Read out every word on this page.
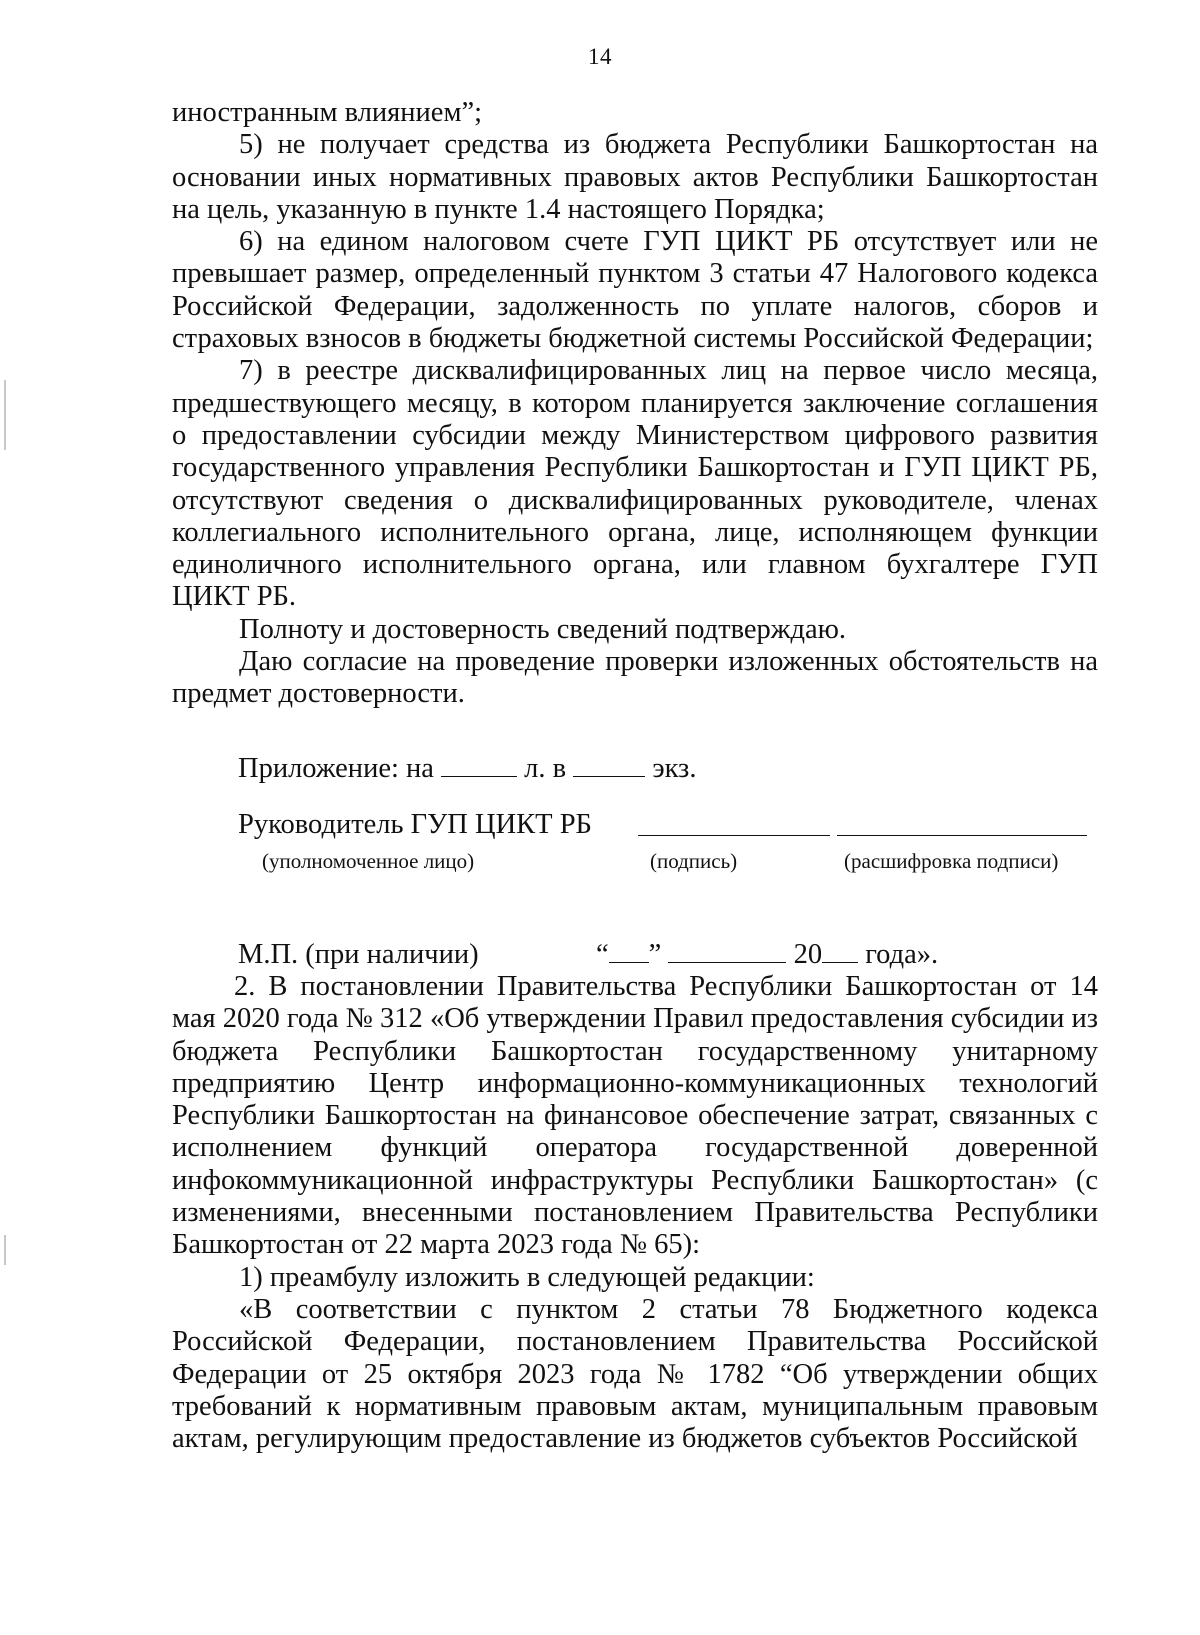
14

иностранным влиянием”;

5) не получает средства из бюджета Республики Башкортостан на основании иных нормативных правовых актов Республики Башкортостан на цель, указанную в пункте 1.4 настоящего Порядка;

6) на едином налоговом счете ГУП ЦИКТ РБ отсутствует или не превышает размер, определенный пунктом 3 статьи 47 Налогового кодекса Российской Федерации, задолженность по уплате налогов, сборов и страховых взносов в бюджеты бюджетной системы Российской Федерации;

7) в реестре дисквалифицированных лиц на первое число месяца, предшествующего месяцу, в котором планируется заключение соглашения о предоставлении субсидии между Министерством цифрового развития государственного управления Республики Башкортостан и ГУП ЦИКТ РБ, отсутствуют сведения о дисквалифицированных руководителе, членах коллегиального исполнительного органа, лице, исполняющем функции единоличного исполнительного органа, или главном бухгалтере ГУП ЦИКТ РБ.

Полноту и достоверность сведений подтверждаю.

Даю согласие на проведение проверки изложенных обстоятельств на предмет достоверности.

Приложение: на	л. в	экз.

Руководитель ГУП ЦИКТ РБ
(уполномоченное лицо)	(подпись)	(расшифровка подписи)
М.П. (при наличии)	“ ”	20 года».

2. В постановлении Правительства Республики Башкортостан от 14 мая 2020 года № 312 «Об утверждении Правил предоставления субсидии из бюджета Республики Башкортостан государственному унитарному предприятию Центр информационно-коммуникационных технологий Республики Башкортостан на финансовое обеспечение затрат, связанных с исполнением функций оператора государственной доверенной инфокоммуникационной инфраструктуры Республики Башкортостан» (с изменениями, внесенными постановлением Правительства Республики Башкортостан от 22 марта 2023 года № 65):

1) преамбулу изложить в следующей редакции:

«В соответствии с пунктом 2 статьи 78 Бюджетного кодекса Российской Федерации, постановлением Правительства Российской Федерации от 25 октября 2023 года № 1782 “Об утверждении общих требований к нормативным правовым актам, муниципальным правовым актам, регулирующим предоставление из бюджетов субъектов Российской
